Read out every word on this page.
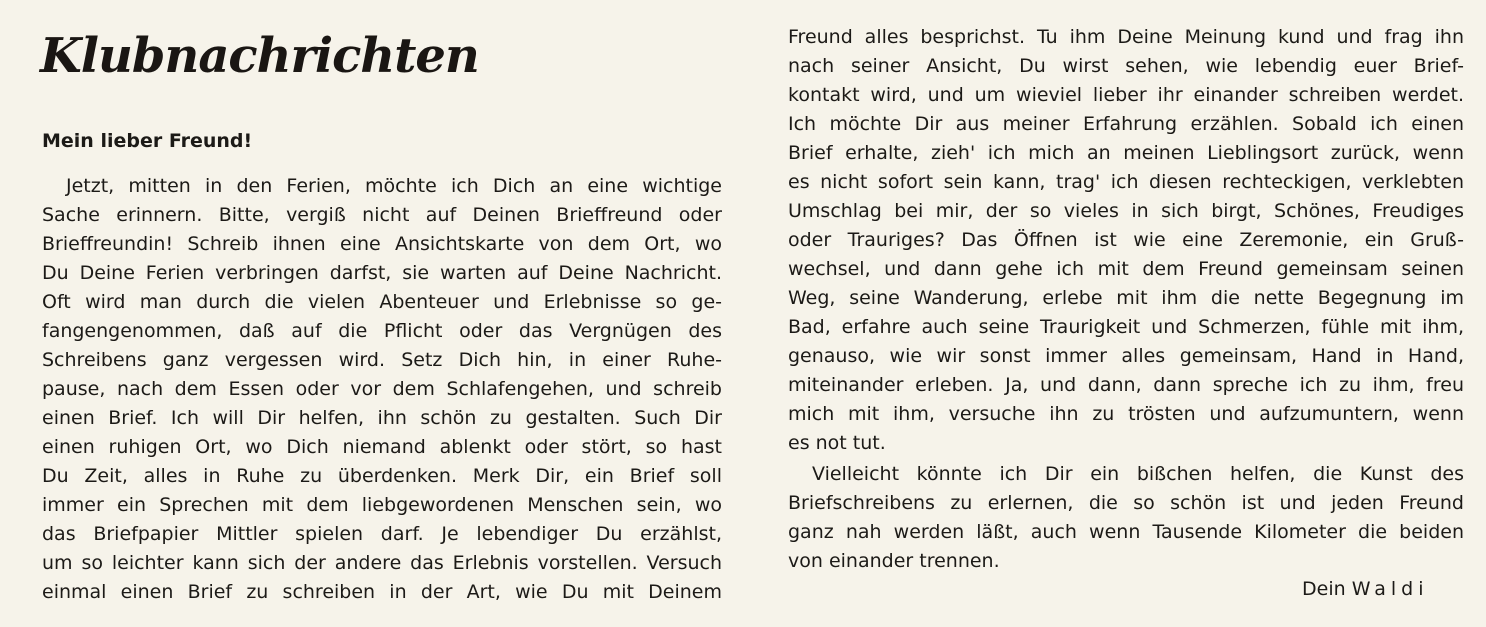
Klubnachrichten

Mein lieber Freund!

Jetzt, mitten in den Ferien, möchte ich Dich an eine wichtige
Sache erinnern. Bitte, vergiß nicht auf Deinen Brieffreund oder
Brieffreundin! Schreib ihnen eine Ansichtskarte von dem Ort, wo
Du Deine Ferien verbringen darfst, sie warten auf Deine Nachricht.
Oft wird man durch die vielen Abenteuer und Erlebnisse so ge-
fangengenommen, daß auf die Pflicht oder das Vergnügen des
Schreibens ganz vergessen wird. Setz Dich hin, in einer Ruhe-
pause, nach dem Essen oder vor dem Schlafengehen, und schreib
einen Brief. Ich will Dir helfen, ihn schön zu gestalten. Such Dir
einen ruhigen Ort, wo Dich niemand ablenkt oder stört, so hast
Du Zeit, alles in Ruhe zu überdenken. Merk Dir, ein Brief soll
immer ein Sprechen mit dem liebgewordenen Menschen sein, wo
das Briefpapier Mittler spielen darf. Je lebendiger Du erzählst,
um so leichter kann sich der andere das Erlebnis vorstellen. Versuch
einmal einen Brief zu schreiben in der Art, wie Du mit Deinem
Freund alles besprichst. Tu ihm Deine Meinung kund und frag ihn
nach seiner Ansicht, Du wirst sehen, wie lebendig euer Brief-
kontakt wird, und um wieviel lieber ihr einander schreiben werdet.
Ich möchte Dir aus meiner Erfahrung erzählen. Sobald ich einen
Brief erhalte, zieh' ich mich an meinen Lieblingsort zurück, wenn
es nicht sofort sein kann, trag' ich diesen rechteckigen, verklebten
Umschlag bei mir, der so vieles in sich birgt, Schönes, Freudiges
oder Trauriges? Das Öffnen ist wie eine Zeremonie, ein Gruß-
wechsel, und dann gehe ich mit dem Freund gemeinsam seinen
Weg, seine Wanderung, erlebe mit ihm die nette Begegnung im
Bad, erfahre auch seine Traurigkeit und Schmerzen, fühle mit ihm,
genauso, wie wir sonst immer alles gemeinsam, Hand in Hand,
miteinander erleben. Ja, und dann, dann spreche ich zu ihm, freu
mich mit ihm, versuche ihn zu trösten und aufzumuntern, wenn
es not tut.
Vielleicht könnte ich Dir ein bißchen helfen, die Kunst des
Briefschreibens zu erlernen, die so schön ist und jeden Freund
ganz nah werden läßt, auch wenn Tausende Kilometer die beiden
von einander trennen.

Dein Waldi
